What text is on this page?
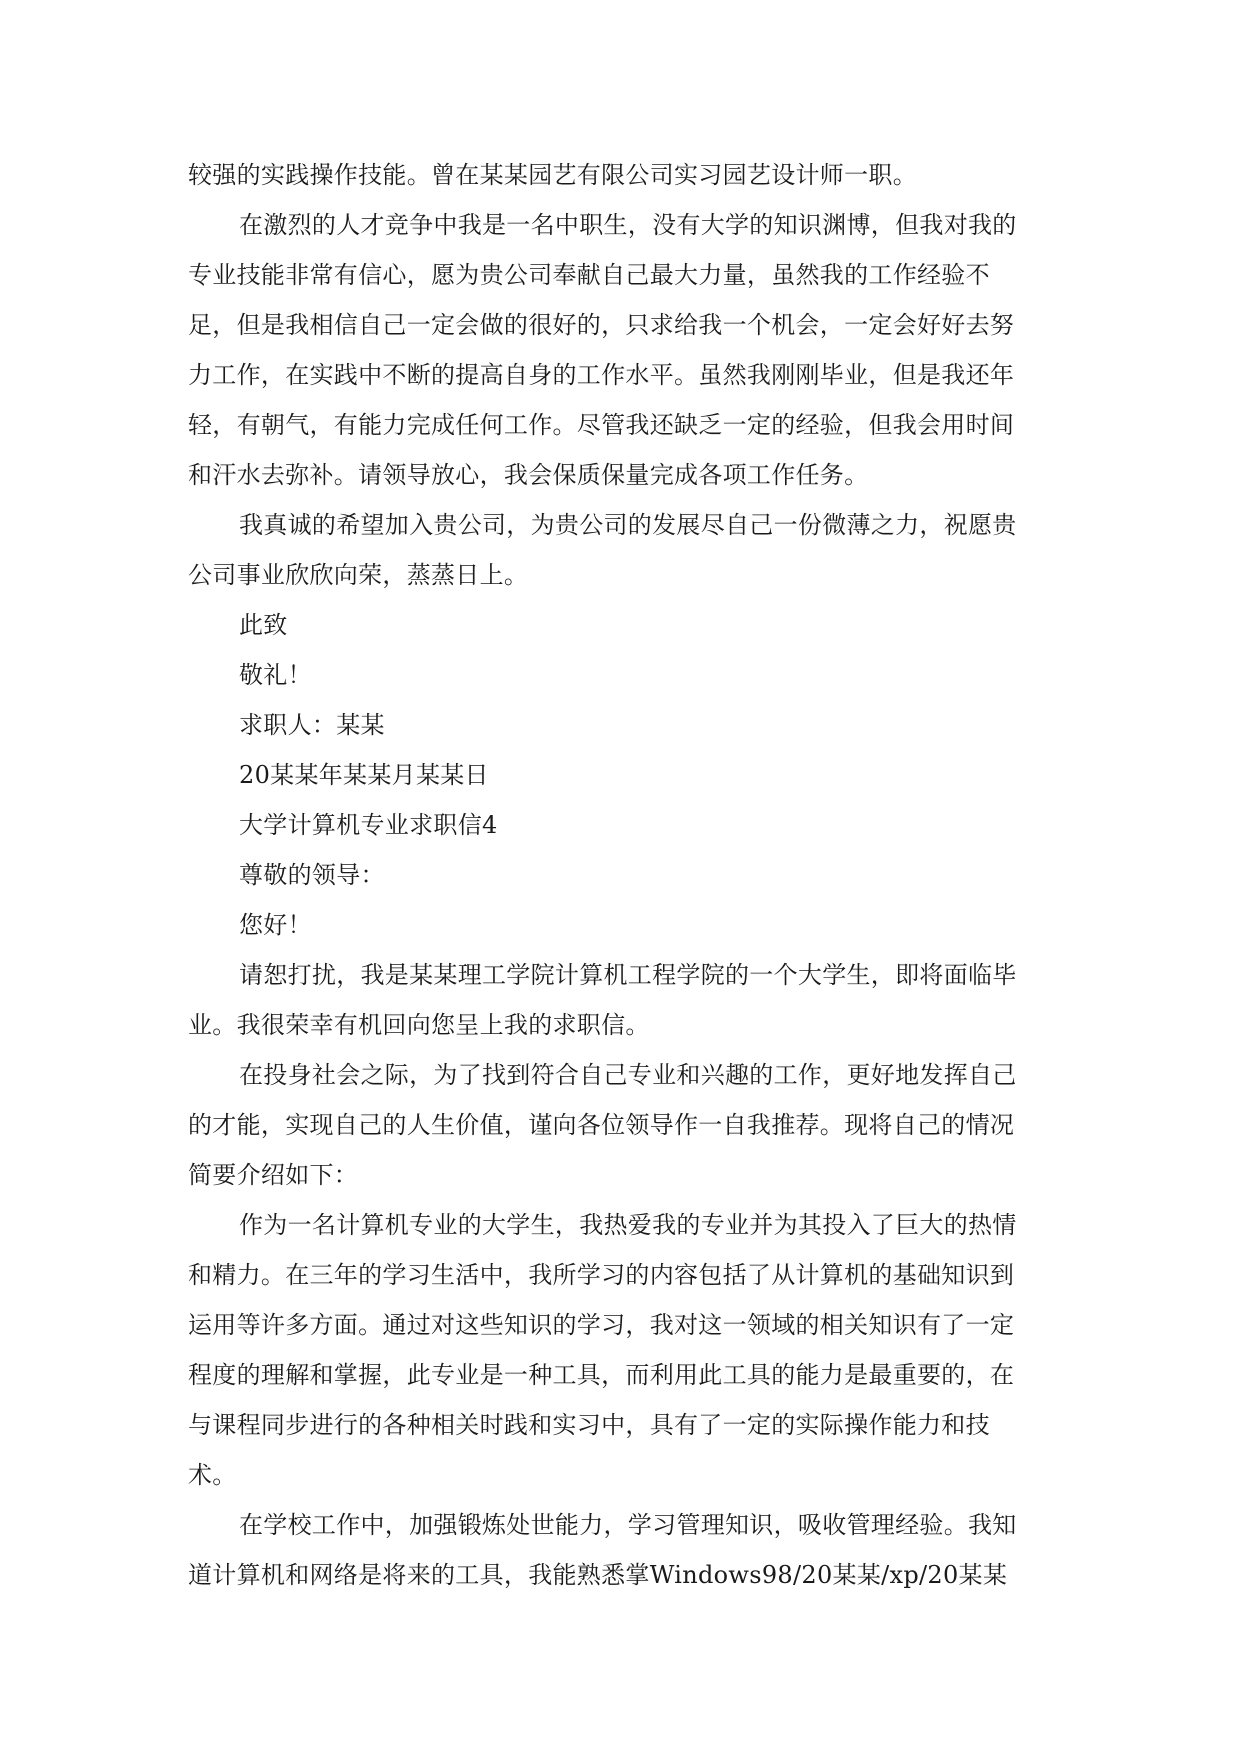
较强的实践操作技能。曾在某某园艺有限公司实习园艺设计师一职。
在激烈的人才竞争中我是一名中职生，没有大学的知识渊博，但我对我的
专业技能非常有信心，愿为贵公司奉献自己最大力量，虽然我的工作经验不
足，但是我相信自己一定会做的很好的，只求给我一个机会，一定会好好去努
力工作，在实践中不断的提高自身的工作水平。虽然我刚刚毕业，但是我还年
轻，有朝气，有能力完成任何工作。尽管我还缺乏一定的经验，但我会用时间
和汗水去弥补。请领导放心，我会保质保量完成各项工作任务。
我真诚的希望加入贵公司，为贵公司的发展尽自己一份微薄之力，祝愿贵
公司事业欣欣向荣，蒸蒸日上。
此致
敬礼！
求职人：某某
20某某年某某月某某日
大学计算机专业求职信4
尊敬的领导：
您好！
请恕打扰，我是某某理工学院计算机工程学院的一个大学生，即将面临毕
业。我很荣幸有机回向您呈上我的求职信。
在投身社会之际，为了找到符合自己专业和兴趣的工作，更好地发挥自己
的才能，实现自己的人生价值，谨向各位领导作一自我推荐。现将自己的情况
简要介绍如下：
作为一名计算机专业的大学生，我热爱我的专业并为其投入了巨大的热情
和精力。在三年的学习生活中，我所学习的内容包括了从计算机的基础知识到
运用等许多方面。通过对这些知识的学习，我对这一领域的相关知识有了一定
程度的理解和掌握，此专业是一种工具，而利用此工具的能力是最重要的，在
与课程同步进行的各种相关时践和实习中，具有了一定的实际操作能力和技
术。
在学校工作中，加强锻炼处世能力，学习管理知识，吸收管理经验。我知
道计算机和网络是将来的工具，我能熟悉掌Windows98/20某某/xp/20某某
